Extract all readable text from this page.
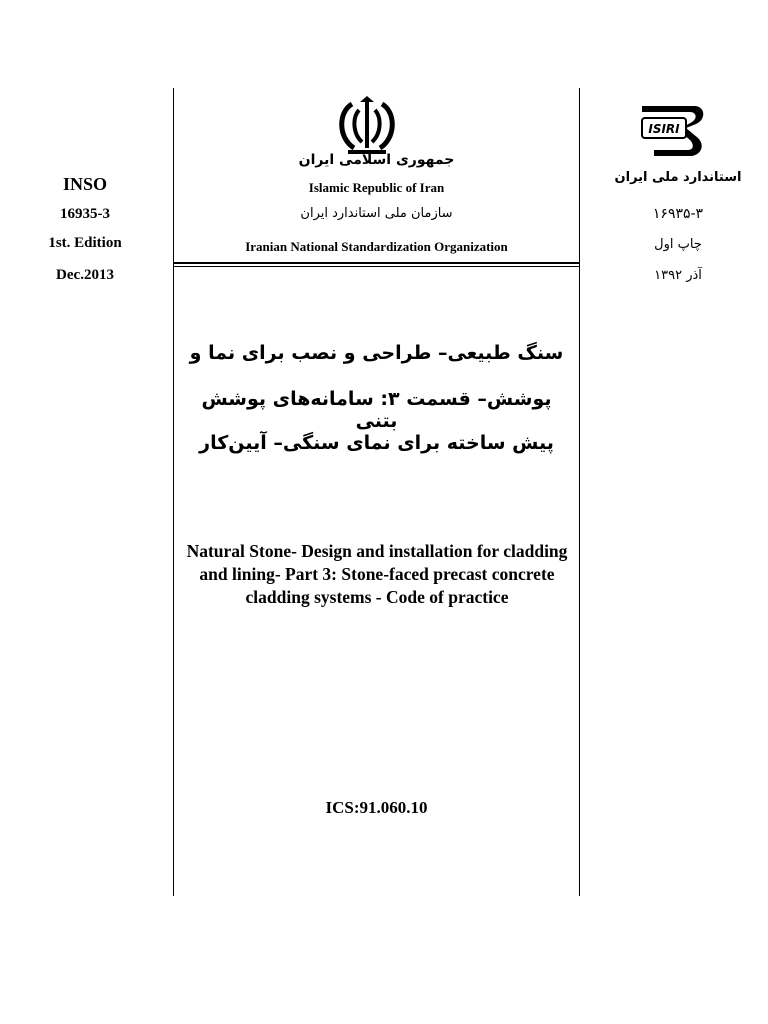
INSO
16935-3
1st. Edition
Dec.2013
ISIRI
جمهوری اسلامی ایران
Islamic Republic of Iran
سازمان ملی استاندارد ایران
Iranian National Standardization Organization
استاندارد ملی ایران
۱۶۹۳۵-۳
چاپ اول
آذر ۱۳۹۲
سنگ طبیعی– طراحی و نصب برای نما و
پوشش– قسمت ۳: سامانه‌های پوشش بتنی
پیش ساخته برای نمای سنگی– آیین‌کار
Natural Stone- Design and installation for cladding and lining- Part 3: Stone-faced precast concrete cladding systems - Code of practice
ICS:91.060.10
